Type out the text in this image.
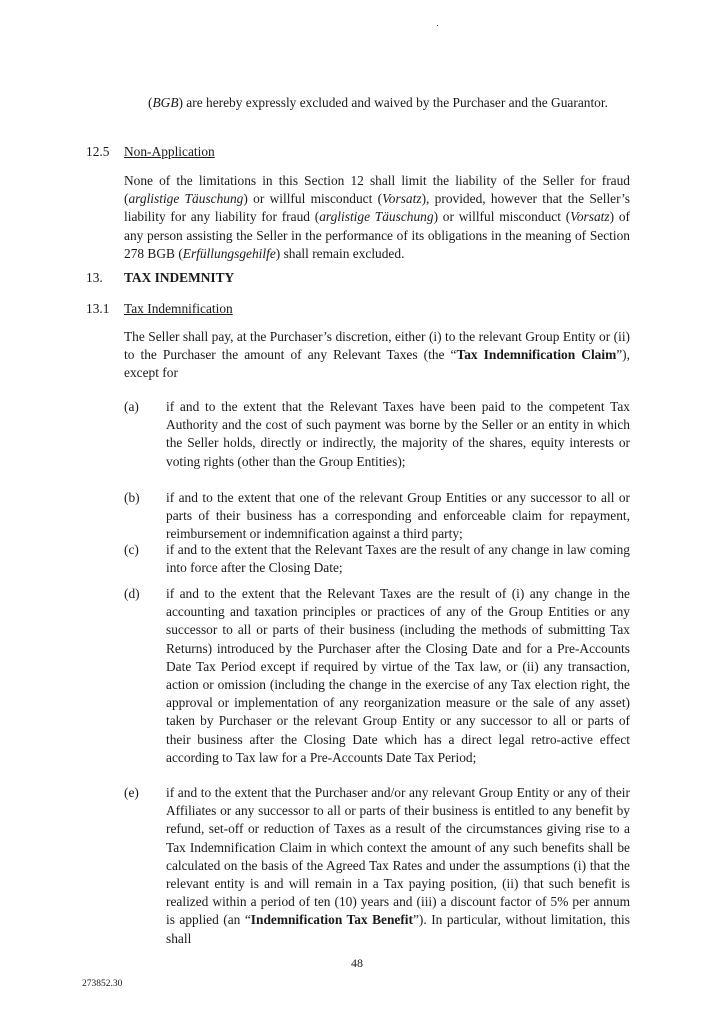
(BGB) are hereby expressly excluded and waived by the Purchaser and the Guarantor.
12.5 Non-Application
None of the limitations in this Section 12 shall limit the liability of the Seller for fraud (arglistige Täuschung) or willful misconduct (Vorsatz), provided, however that the Seller’s liability for any liability for fraud (arglistige Täuschung) or willful misconduct (Vorsatz) of any person assisting the Seller in the performance of its obligations in the meaning of Section 278 BGB (Erfüllungsgehilfe) shall remain excluded.
13. TAX INDEMNITY
13.1 Tax Indemnification
The Seller shall pay, at the Purchaser’s discretion, either (i) to the relevant Group Entity or (ii) to the Purchaser the amount of any Relevant Taxes (the “Tax Indemnification Claim”), except for
(a) if and to the extent that the Relevant Taxes have been paid to the competent Tax Authority and the cost of such payment was borne by the Seller or an entity in which the Seller holds, directly or indirectly, the majority of the shares, equity interests or voting rights (other than the Group Entities);
(b) if and to the extent that one of the relevant Group Entities or any successor to all or parts of their business has a corresponding and enforceable claim for repayment, reimbursement or indemnification against a third party;
(c) if and to the extent that the Relevant Taxes are the result of any change in law coming into force after the Closing Date;
(d) if and to the extent that the Relevant Taxes are the result of (i) any change in the accounting and taxation principles or practices of any of the Group Entities or any successor to all or parts of their business (including the methods of submitting Tax Returns) introduced by the Purchaser after the Closing Date and for a Pre-Accounts Date Tax Period except if required by virtue of the Tax law, or (ii) any transaction, action or omission (including the change in the exercise of any Tax election right, the approval or implementation of any reorganization measure or the sale of any asset) taken by Purchaser or the relevant Group Entity or any successor to all or parts of their business after the Closing Date which has a direct legal retro-active effect according to Tax law for a Pre-Accounts Date Tax Period;
(e) if and to the extent that the Purchaser and/or any relevant Group Entity or any of their Affiliates or any successor to all or parts of their business is entitled to any benefit by refund, set-off or reduction of Taxes as a result of the circumstances giving rise to a Tax Indemnification Claim in which context the amount of any such benefits shall be calculated on the basis of the Agreed Tax Rates and under the assumptions (i) that the relevant entity is and will remain in a Tax paying position, (ii) that such benefit is realized within a period of ten (10) years and (iii) a discount factor of 5% per annum is applied (an “Indemnification Tax Benefit”). In particular, without limitation, this shall
48
273852.30
